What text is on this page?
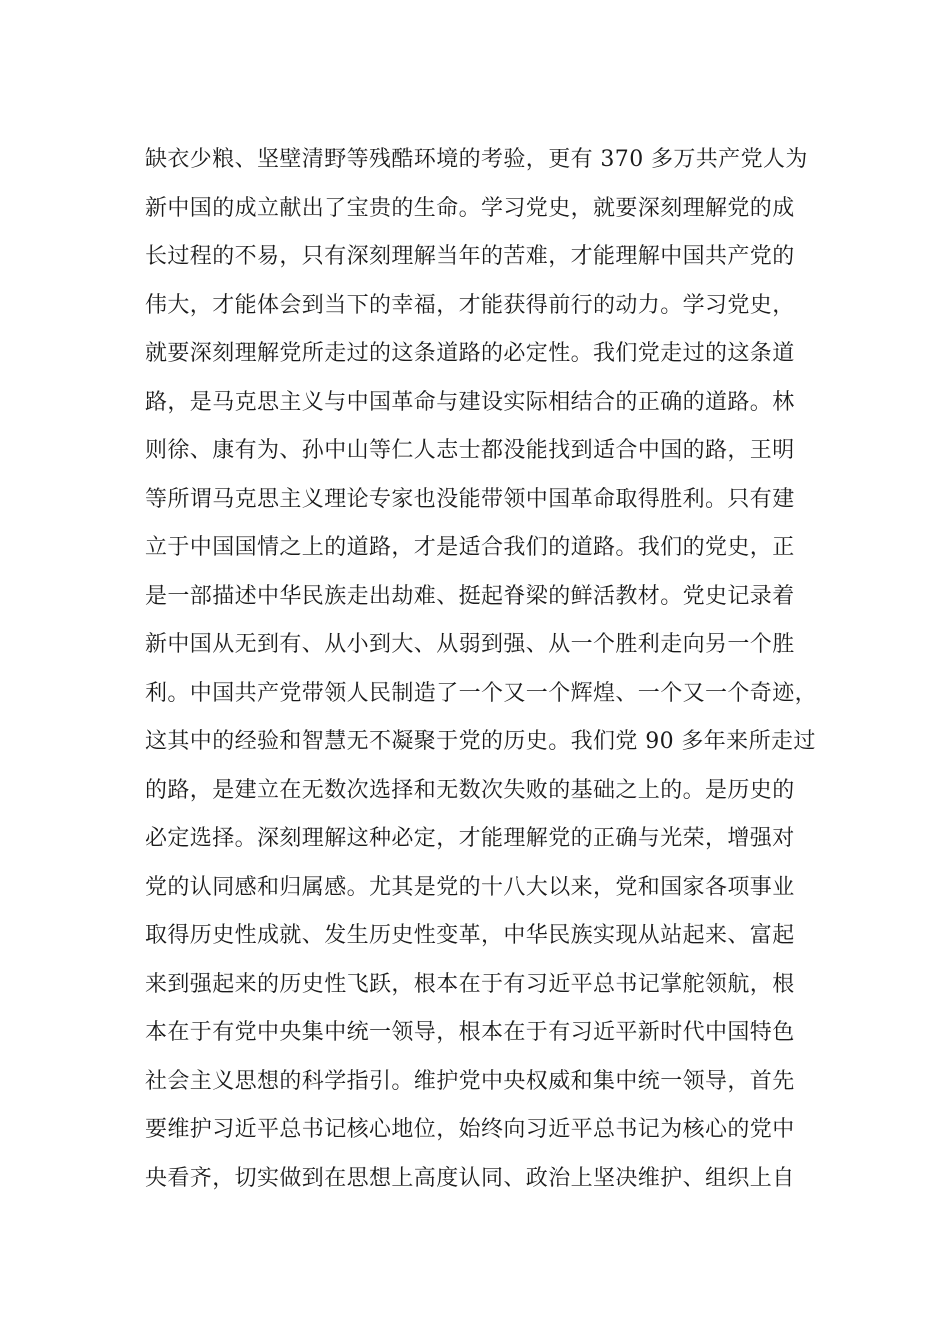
缺衣少粮、坚壁清野等残酷环境的考验，更有 370 多万共产党人为
新中国的成立献出了宝贵的生命。学习党史，就要深刻理解党的成
长过程的不易，只有深刻理解当年的苦难，才能理解中国共产党的
伟大，才能体会到当下的幸福，才能获得前行的动力。学习党史，
就要深刻理解党所走过的这条道路的必定性。我们党走过的这条道
路，是马克思主义与中国革命与建设实际相结合的正确的道路。林
则徐、康有为、孙中山等仁人志士都没能找到适合中国的路，王明
等所谓马克思主义理论专家也没能带领中国革命取得胜利。只有建
立于中国国情之上的道路，才是适合我们的道路。我们的党史，正
是一部描述中华民族走出劫难、挺起脊梁的鲜活教材。党史记录着
新中国从无到有、从小到大、从弱到强、从一个胜利走向另一个胜
利。中国共产党带领人民制造了一个又一个辉煌、一个又一个奇迹，
这其中的经验和智慧无不凝聚于党的历史。我们党 90 多年来所走过
的路，是建立在无数次选择和无数次失败的基础之上的。是历史的
必定选择。深刻理解这种必定，才能理解党的正确与光荣，增强对
党的认同感和归属感。尤其是党的十八大以来，党和国家各项事业
取得历史性成就、发生历史性变革，中华民族实现从站起来、富起
来到强起来的历史性飞跃，根本在于有习近平总书记掌舵领航，根
本在于有党中央集中统一领导，根本在于有习近平新时代中国特色
社会主义思想的科学指引。维护党中央权威和集中统一领导，首先
要维护习近平总书记核心地位，始终向习近平总书记为核心的党中
央看齐，切实做到在思想上高度认同、政治上坚决维护、组织上自
